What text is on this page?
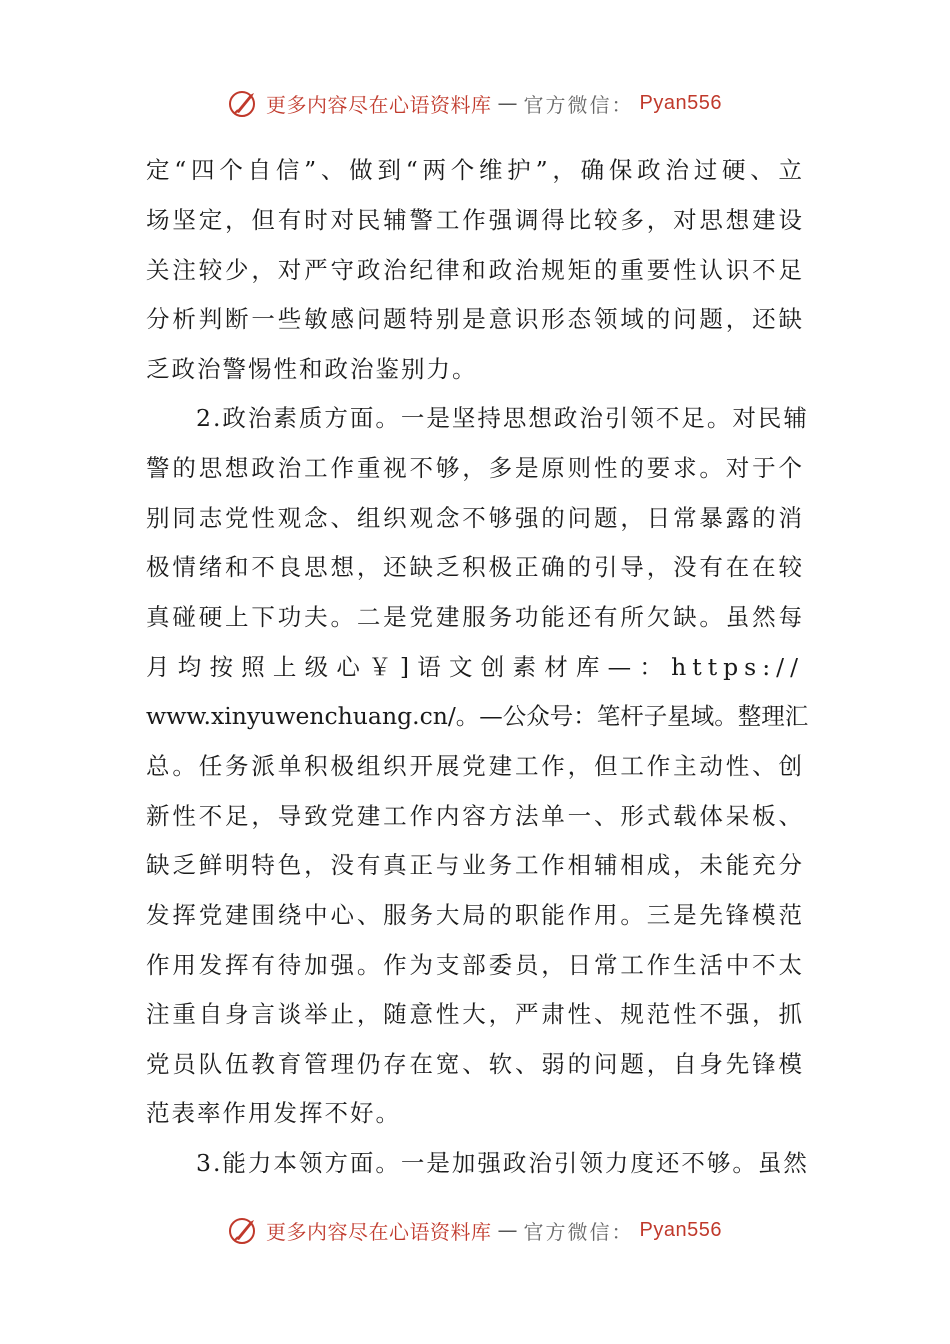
更多内容尽在心语资料库 — 官方微信： Pyan556
定“四个自信”、做到“两个维护”，确保政治过硬、立
场坚定，但有时对民辅警工作强调得比较多，对思想建设
关注较少，对严守政治纪律和政治规矩的重要性认识不足
分析判断一些敏感问题特别是意识形态领域的问题，还缺
乏政治警惕性和政治鉴别力。
2.政治素质方面。一是坚持思想政治引领不足。对民辅
警的思想政治工作重视不够，多是原则性的要求。对于个
别同志党性观念、组织观念不够强的问题，日常暴露的消
极情绪和不良思想，还缺乏积极正确的引导，没有在在较
真碰硬上下功夫。二是党建服务功能还有所欠缺。虽然每
月均按照上级心￥]语文创素材库—：https://
www.xinyuwenchuang.cn/。—公众号：笔杆子星域。整理汇
总。任务派单积极组织开展党建工作，但工作主动性、创
新性不足，导致党建工作内容方法单一、形式载体呆板、
缺乏鲜明特色，没有真正与业务工作相辅相成，未能充分
发挥党建围绕中心、服务大局的职能作用。三是先锋模范
作用发挥有待加强。作为支部委员，日常工作生活中不太
注重自身言谈举止，随意性大，严肃性、规范性不强，抓
党员队伍教育管理仍存在宽、软、弱的问题，自身先锋模
范表率作用发挥不好。
3.能力本领方面。一是加强政治引领力度还不够。虽然
更多内容尽在心语资料库 — 官方微信： Pyan556
